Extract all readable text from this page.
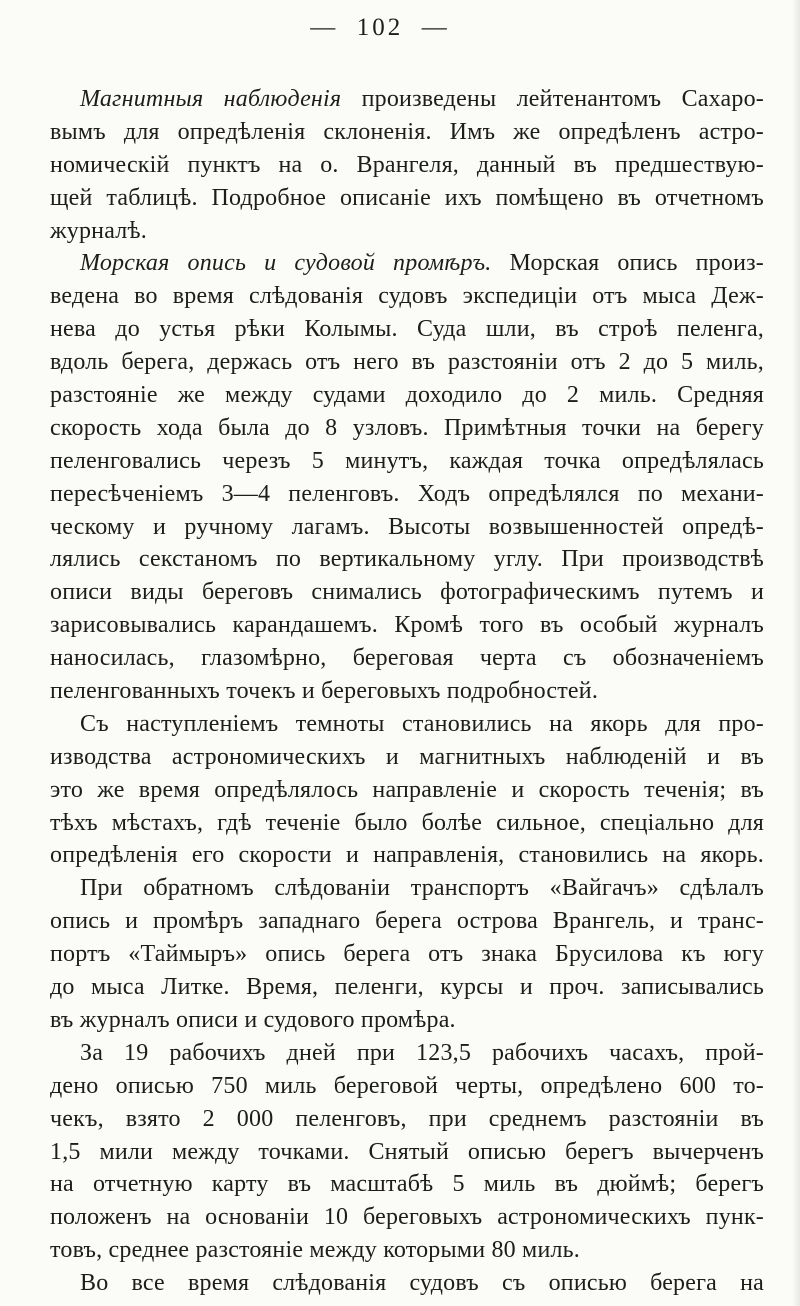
—  102  —
Магнитныя наблюденія произведены лейтенантомъ Сахаро-
вымъ для опредѣленія склоненія. Имъ же опредѣленъ астро-
номическій пунктъ на о. Врангеля, данный въ предшествую-
щей таблицѣ. Подробное описаніе ихъ помѣщено въ отчетномъ
журналѣ.
Морская опись и судовой промѣръ. Морская опись произ-
ведена во время слѣдованія судовъ экспедиціи отъ мыса Деж-
нева до устья рѣки Колымы. Суда шли, въ строѣ пеленга,
вдоль берега, держась отъ него въ разстояніи отъ 2 до 5 миль,
разстояніе же между судами доходило до 2 миль. Средняя
скорость хода была до 8 узловъ. Примѣтныя точки на берегу
пеленговались черезъ 5 минутъ, каждая точка опредѣлялась
пересѣченіемъ 3—4 пеленговъ. Ходъ опредѣлялся по механи-
ческому и ручному лагамъ. Высоты возвышенностей опредѣ-
лялись секстаномъ по вертикальному углу. При производствѣ
описи виды береговъ снимались фотографическимъ путемъ и
зарисовывались карандашемъ. Кромѣ того въ особый журналъ
наносилась, глазомѣрно, береговая черта съ обозначеніемъ
пеленгованныхъ точекъ и береговыхъ подробностей.
Съ наступленіемъ темноты становились на якорь для про-
изводства астрономическихъ и магнитныхъ наблюденій и въ
это же время опредѣлялось направленіе и скорость теченія; въ
тѣхъ мѣстахъ, гдѣ теченіе было болѣе сильное, спеціально для
опредѣленія его скорости и направленія, становились на якорь.
При обратномъ слѣдованіи транспортъ «Вайгачъ» сдѣлалъ
опись и промѣръ западнаго берега острова Врангель, и транс-
портъ «Таймыръ» опись берега отъ знака Брусилова къ югу
до мыса Литке. Время, пеленги, курсы и проч. записывались
въ журналъ описи и судового промѣра.
За 19 рабочихъ дней при 123,5 рабочихъ часахъ, прой-
дено описью 750 миль береговой черты, опредѣлено 600 то-
чекъ, взято 2 000 пеленговъ, при среднемъ разстояніи въ
1,5 мили между точками. Снятый описью берегъ вычерченъ
на отчетную карту въ масштабѣ 5 миль въ дюймѣ; берегъ
положенъ на основаніи 10 береговыхъ астрономическихъ пунк-
товъ, среднее разстояніе между которыми 80 миль.
Во все время слѣдованія судовъ съ описью берега на
